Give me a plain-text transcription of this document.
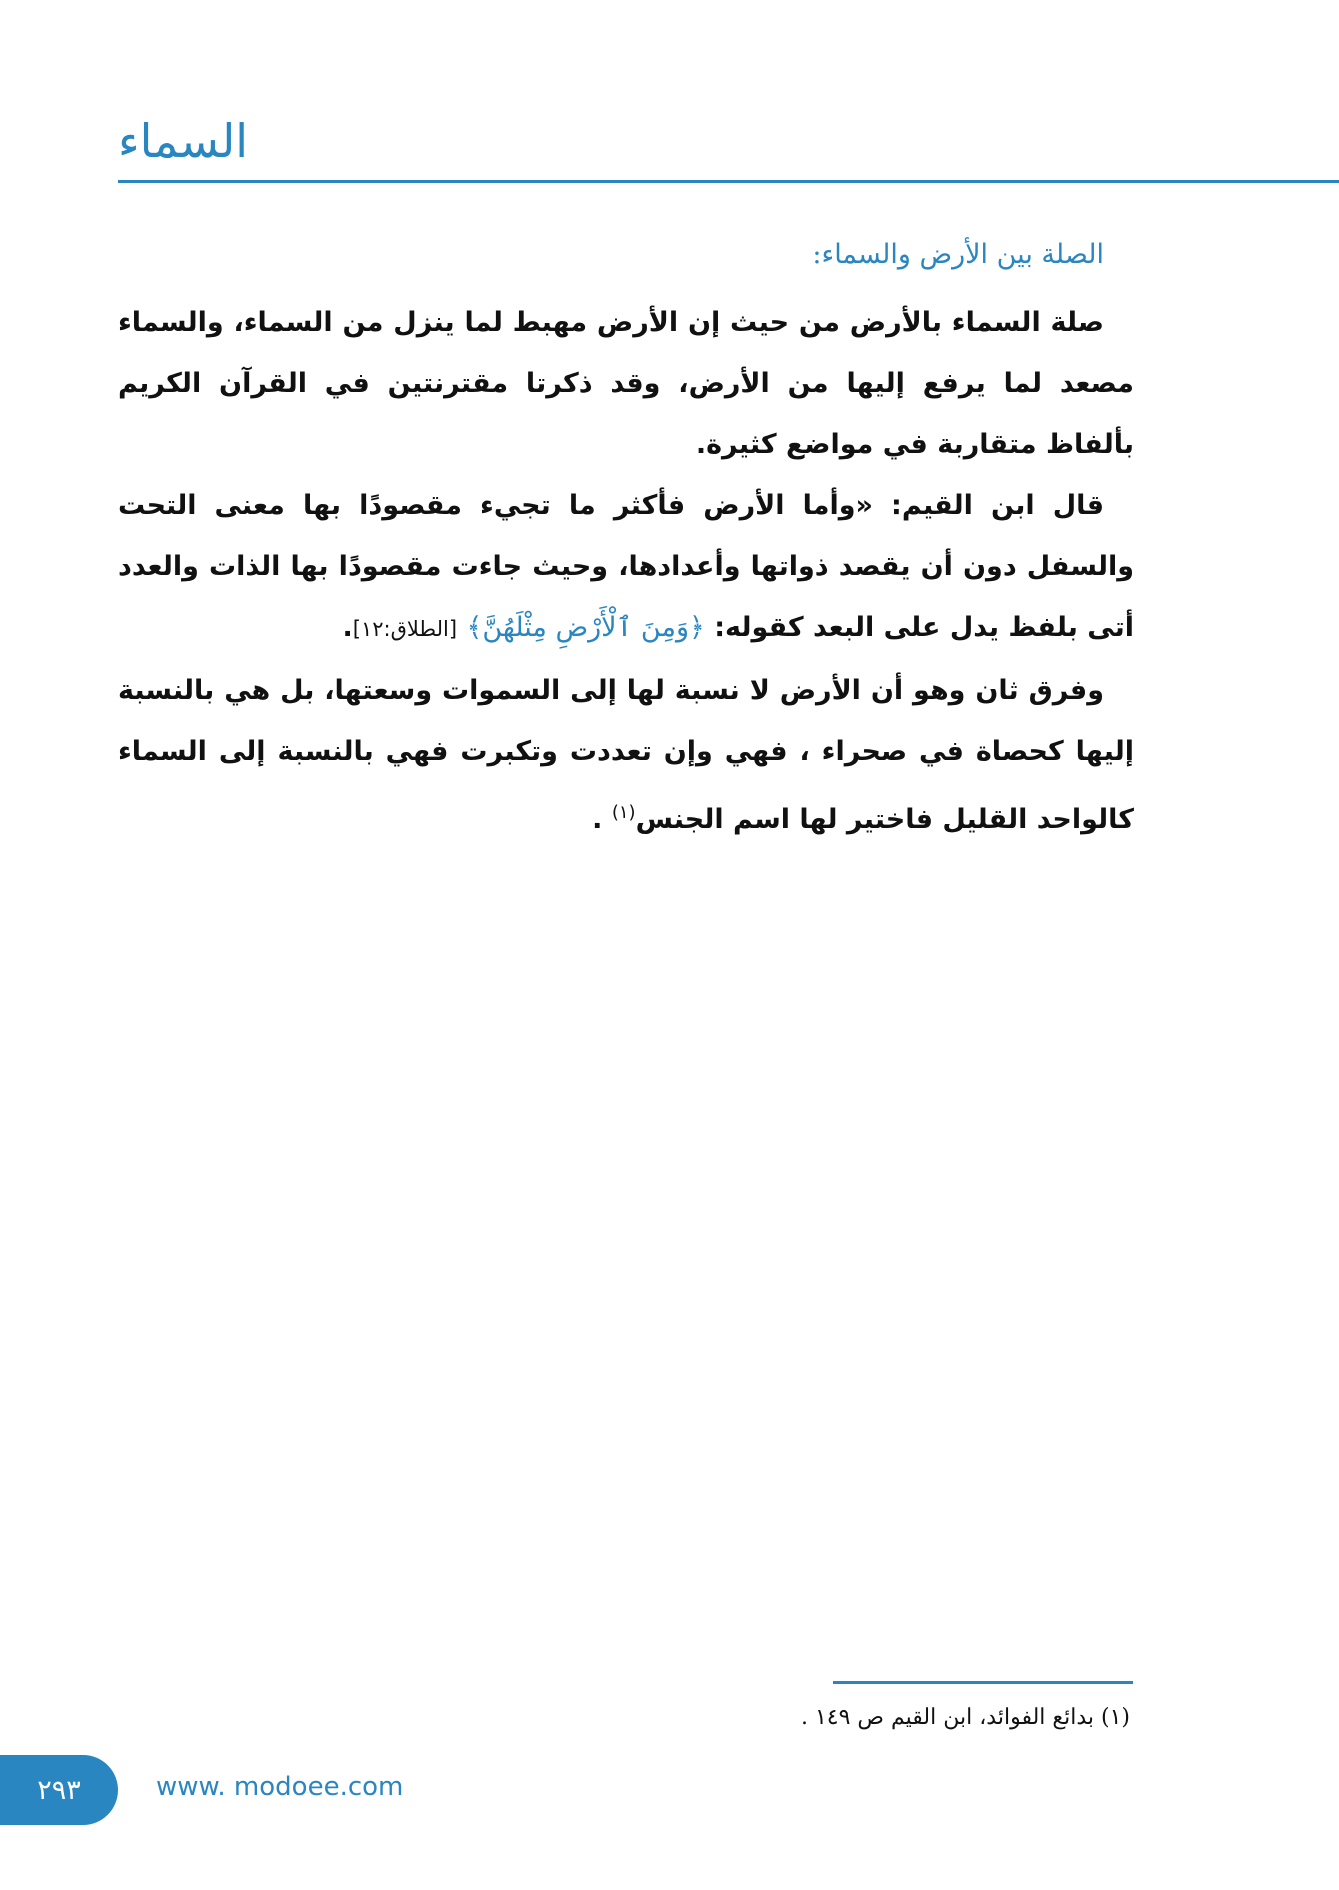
السماء
الصلة بين الأرض والسماء:

صلة السماء بالأرض من حيث إن الأرض مهبط لما ينزل من السماء، والسماء مصعد لما يرفع إليها من الأرض، وقد ذكرتا مقترنتين في القرآن الكريم بألفاظ متقاربة في مواضع كثيرة.

قال ابن القيم: «وأما الأرض فأكثر ما تجيء مقصودًا بها معنى التحت والسفل دون أن يقصد ذواتها وأعدادها، وحيث جاءت مقصودًا بها الذات والعدد أتى بلفظ يدل على البعد كقوله: ﴿وَمِنَ ٱلْأَرْضِ مِثْلَهُنَّ﴾ [الطلاق:١٢].

وفرق ثان وهو أن الأرض لا نسبة لها إلى السموات وسعتها، بل هي بالنسبة إليها كحصاة في صحراء ، فهي وإن تعددت وتكبرت فهي بالنسبة إلى السماء كالواحد القليل فاختير لها اسم الجنس$^{(١)}$ .

(١) بدائع الفوائد، ابن القيم ص ١٤٩ .
٢٩٣	www. modoee.com
